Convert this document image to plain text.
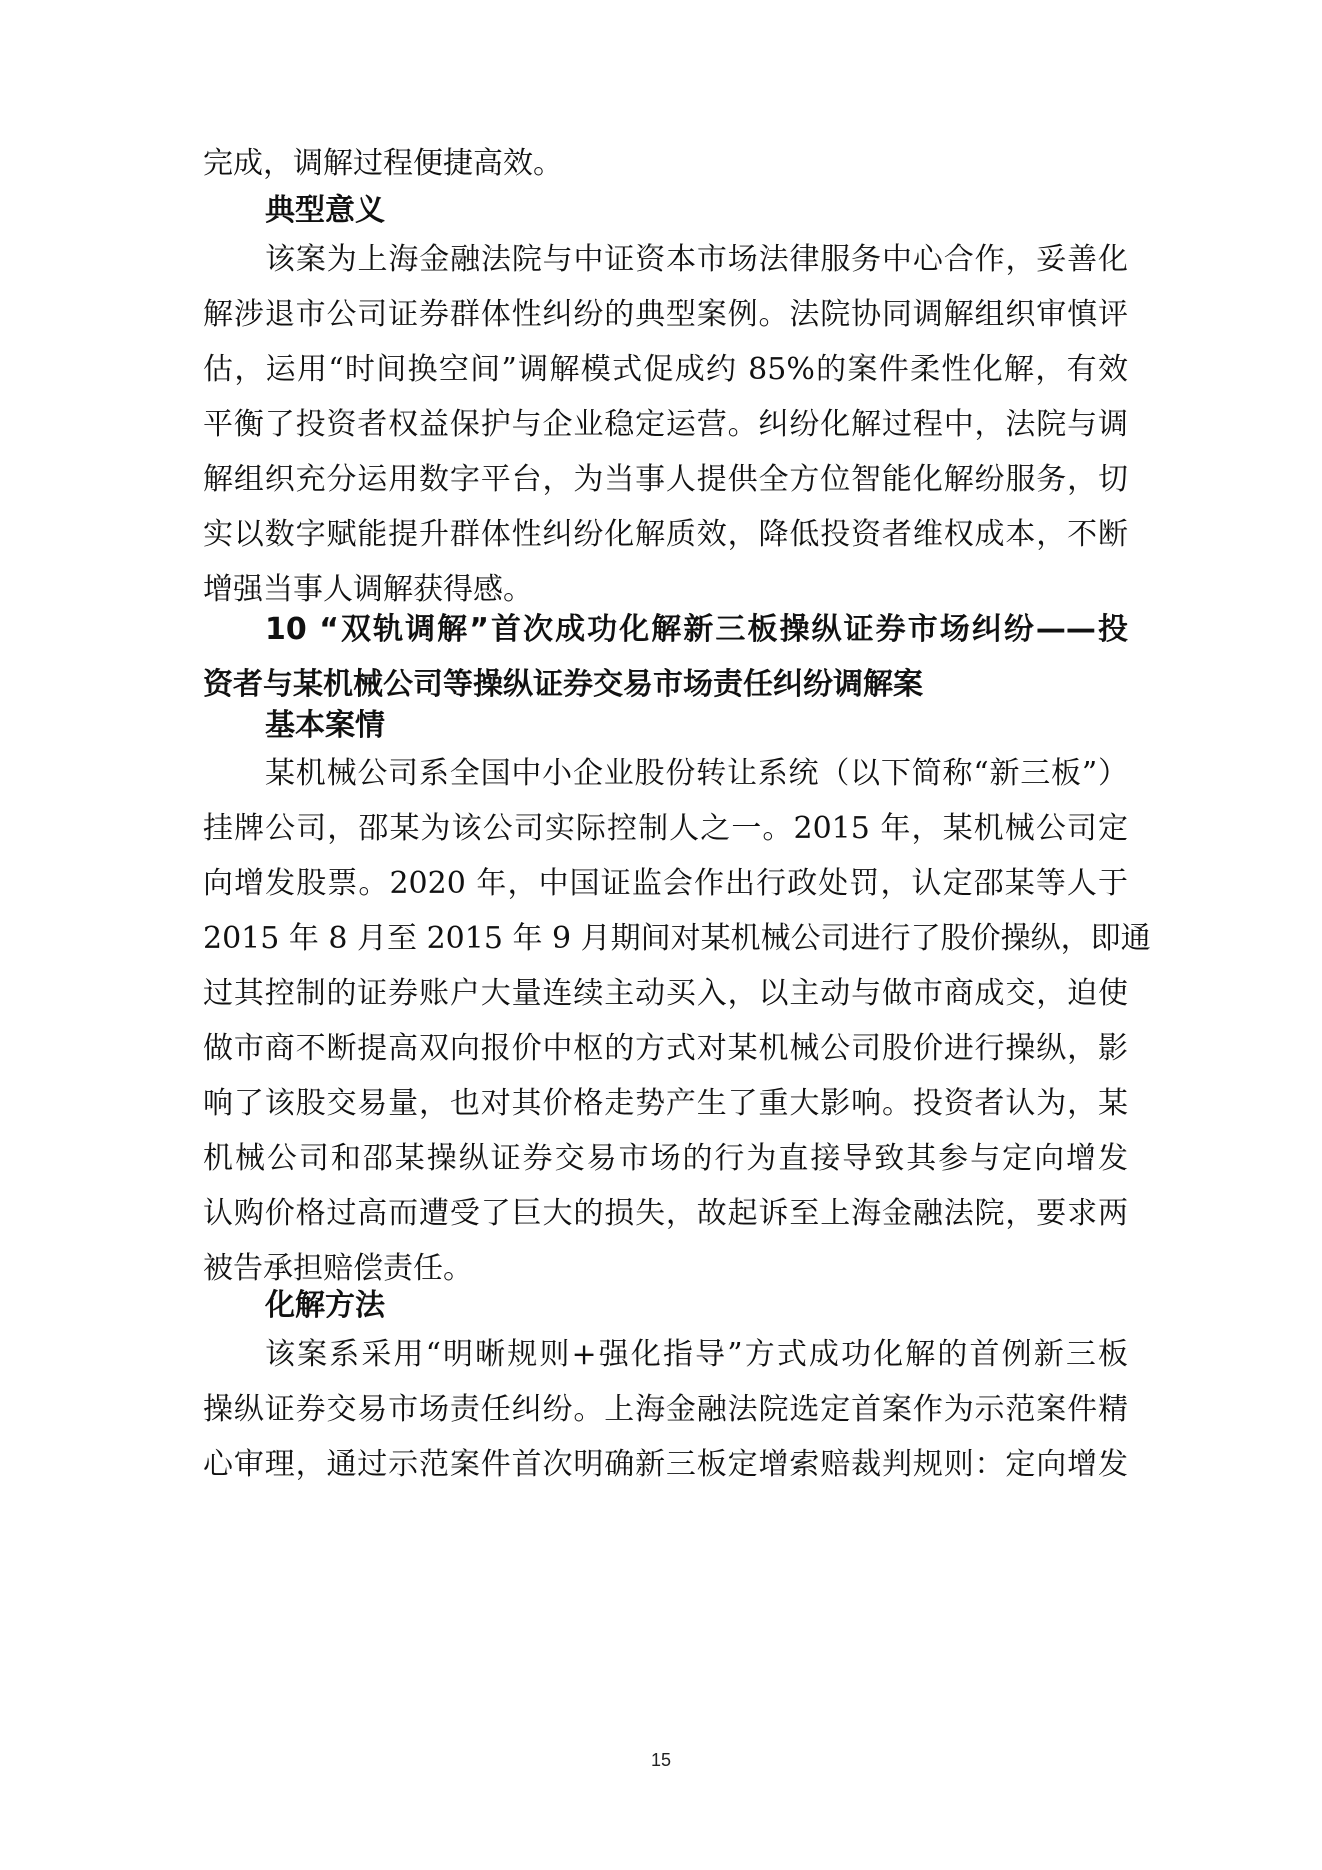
完成，调解过程便捷高效。
典型意义
该案为上海金融法院与中证资本市场法律服务中心合作，妥善化
解涉退市公司证券群体性纠纷的典型案例。法院协同调解组织审慎评
估，运用“时间换空间”调解模式促成约 85%的案件柔性化解，有效
平衡了投资者权益保护与企业稳定运营。纠纷化解过程中，法院与调
解组织充分运用数字平台，为当事人提供全方位智能化解纷服务，切
实以数字赋能提升群体性纠纷化解质效，降低投资者维权成本，不断
增强当事人调解获得感。
10 “双轨调解”首次成功化解新三板操纵证券市场纠纷——投
资者与某机械公司等操纵证券交易市场责任纠纷调解案
基本案情
某机械公司系全国中小企业股份转让系统（以下简称“新三板”）
挂牌公司，邵某为该公司实际控制人之一。2015 年，某机械公司定
向增发股票。2020 年，中国证监会作出行政处罚，认定邵某等人于
2015 年 8 月至 2015 年 9 月期间对某机械公司进行了股价操纵，即通
过其控制的证券账户大量连续主动买入，以主动与做市商成交，迫使
做市商不断提高双向报价中枢的方式对某机械公司股价进行操纵，影
响了该股交易量，也对其价格走势产生了重大影响。投资者认为，某
机械公司和邵某操纵证券交易市场的行为直接导致其参与定向增发
认购价格过高而遭受了巨大的损失，故起诉至上海金融法院，要求两
被告承担赔偿责任。
化解方法
该案系采用“明晰规则+强化指导”方式成功化解的首例新三板
操纵证券交易市场责任纠纷。上海金融法院选定首案作为示范案件精
心审理，通过示范案件首次明确新三板定增索赔裁判规则：定向增发
15
